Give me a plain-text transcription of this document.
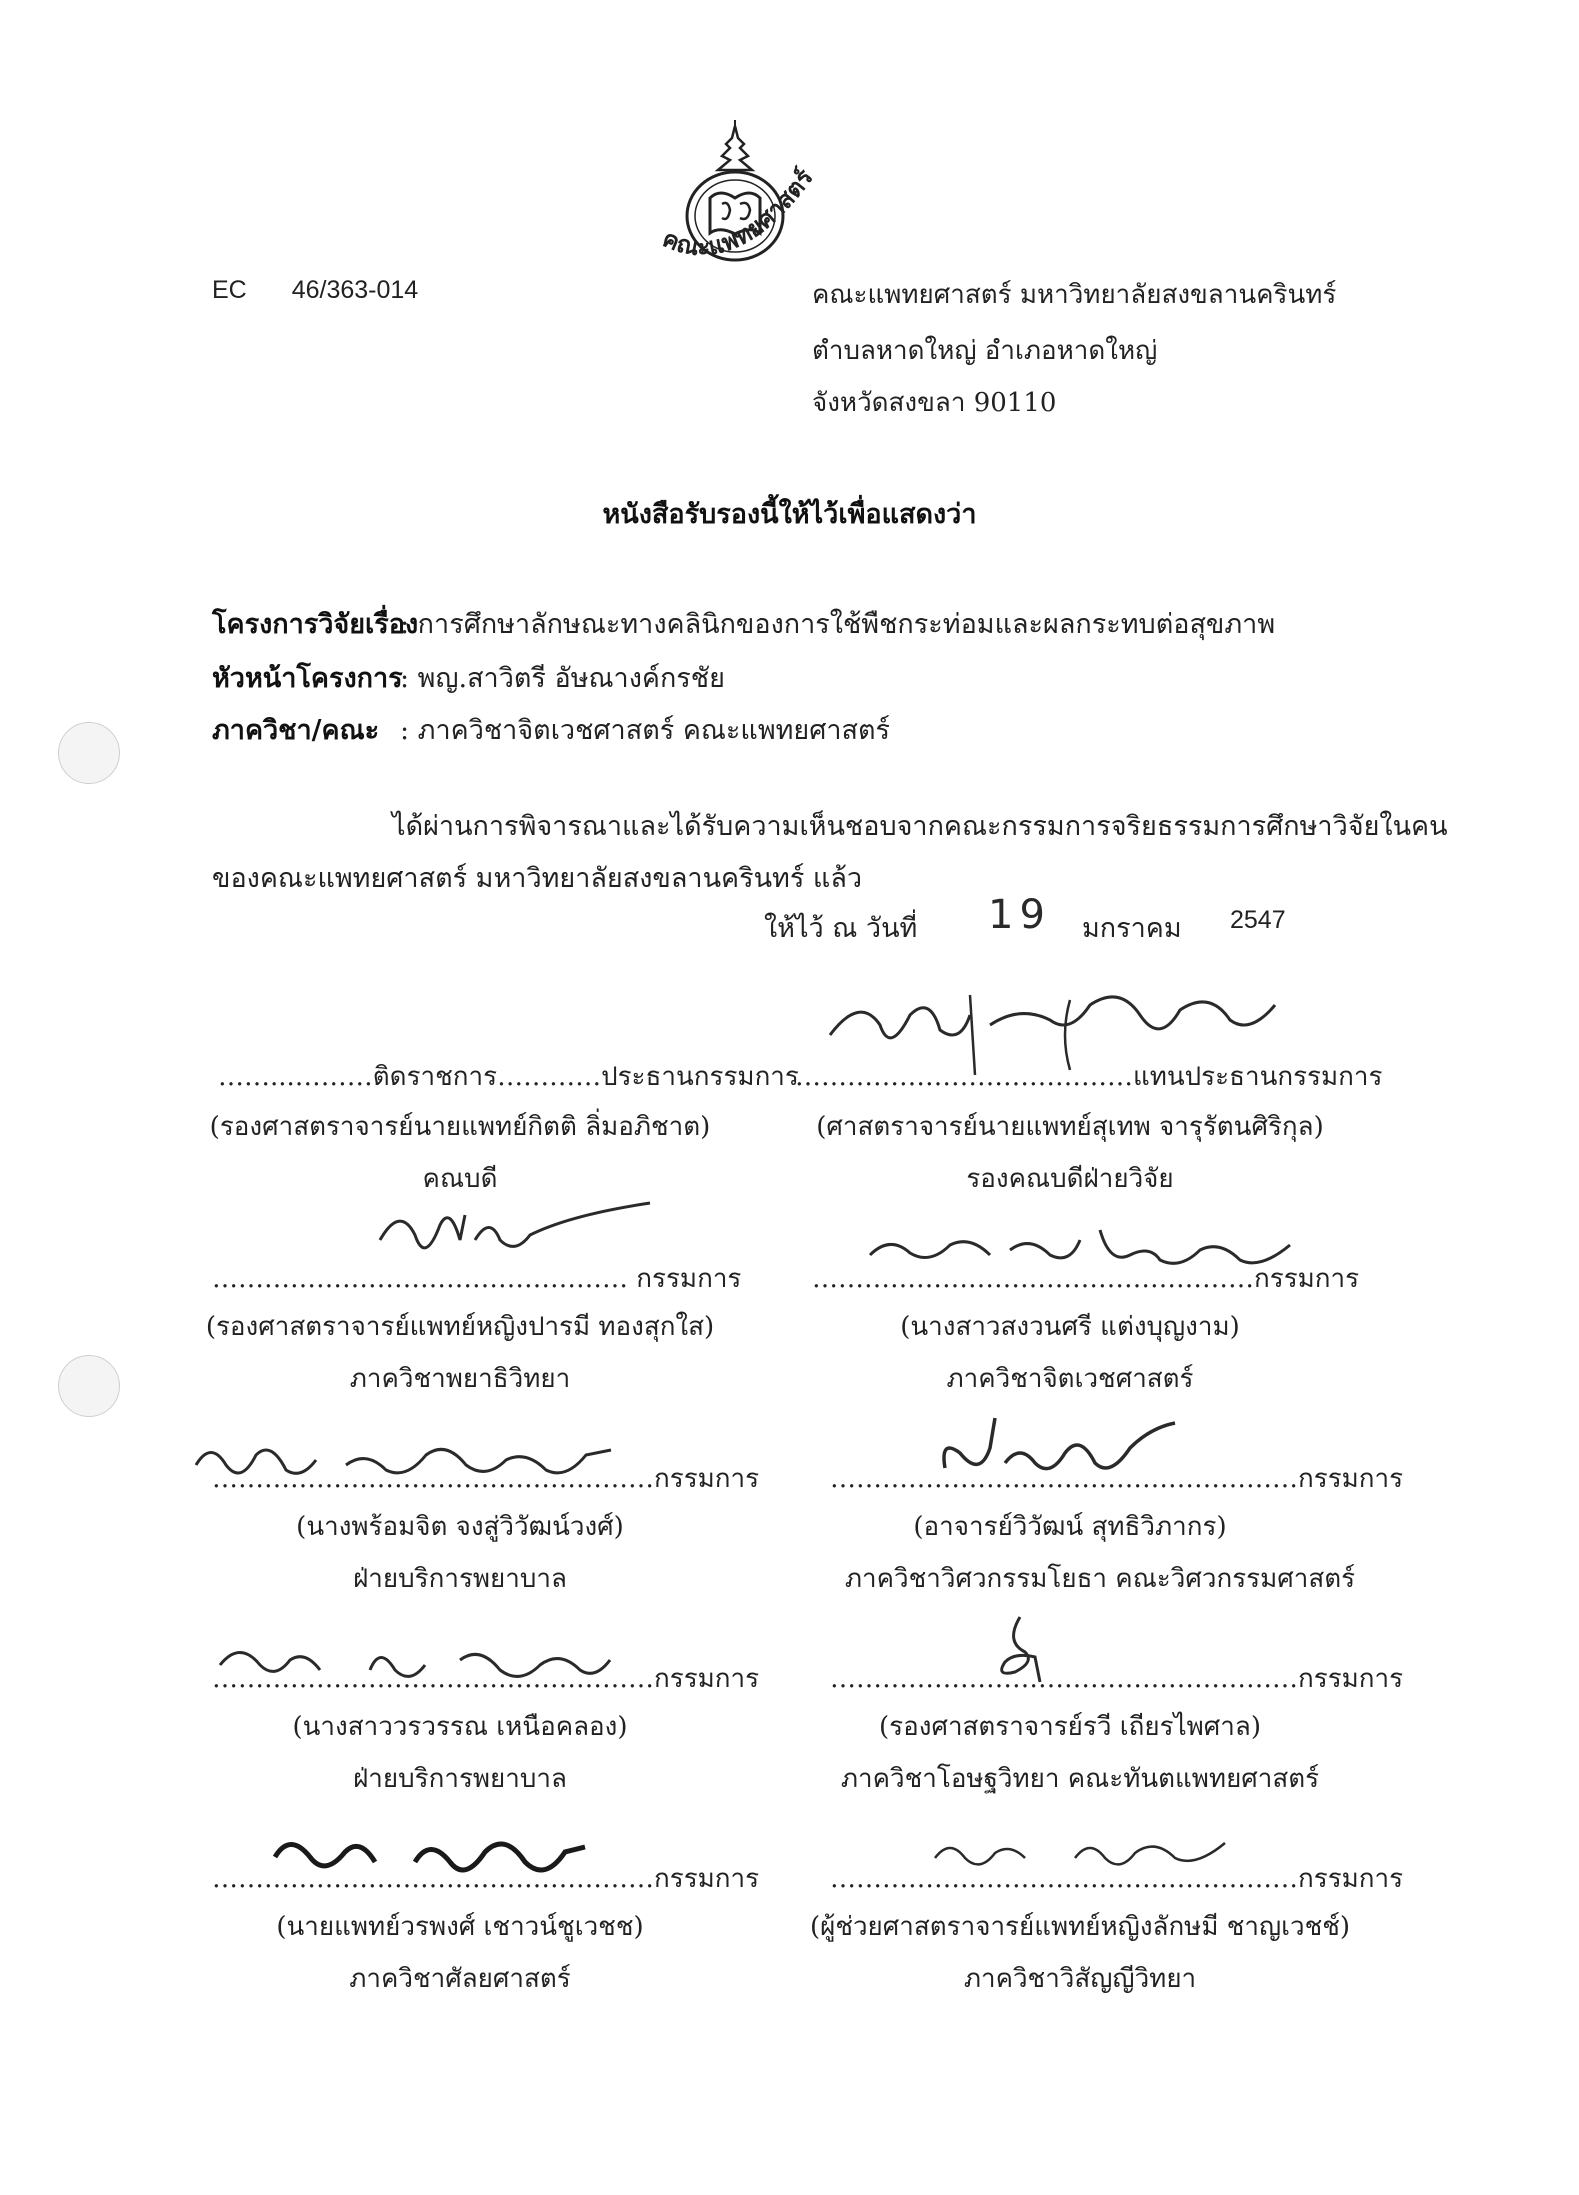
คณะแพทยศาสตร์
EC 46/363-014	คณะแพทยศาสตร์ มหาวิทยาลัยสงขลานครินทร์
ตำบลหาดใหญ่ อำเภอหาดใหญ่
จังหวัดสงขลา 90110
หนังสือรับรองนี้ให้ไว้เพื่อแสดงว่า
โครงการวิจัยเรื่อง
: การศึกษาลักษณะทางคลินิกของการใช้พืชกระท่อมและผลกระทบต่อสุขภาพ
หัวหน้าโครงการ
: พญ.สาวิตรี อัษณางค์กรชัย
ภาควิชา/คณะ : ภาควิชาจิตเวชศาสตร์ คณะแพทยศาสตร์
ได้ผ่านการพิจารณาและได้รับความเห็นชอบจากคณะกรรมการจริยธรรมการศึกษาวิจัยในคน
ของคณะแพทยศาสตร์ มหาวิทยาลัยสงขลานครินทร์ แล้ว
ให้ไว้ ณ วันที่ 19 มกราคม 2547
……...………ติดราชการ…………ประธานกรรมการ
(รองศาสตราจารย์นายแพทย์กิตติ ลิ่มอภิชาต)
คณบดี
…………………………………แทนประธานกรรมการ
(ศาสตราจารย์นายแพทย์สุเทพ จารุรัตนศิริกุล)
รองคณบดีฝ่ายวิจัย
………………………………………… กรรมการ
(รองศาสตราจารย์แพทย์หญิงปารมี ทองสุกใส)
ภาควิชาพยาธิวิทยา
……………………………………………กรรมการ
(นางสาวสงวนศรี แต่งบุญงาม)
ภาควิชาจิตเวชศาสตร์
……………………………………………กรรมการ
(นางพร้อมจิต จงสู่วิวัฒน์วงศ์)
ฝ่ายบริการพยาบาล
………………………………………………กรรมการ
(อาจารย์วิวัฒน์ สุทธิวิภากร)
ภาควิชาวิศวกรรมโยธา คณะวิศวกรรมศาสตร์
……………………………………………กรรมการ
(นางสาววรวรรณ เหนือคลอง)
ฝ่ายบริการพยาบาล
………………………………………………กรรมการ
(รองศาสตราจารย์รวี เถียรไพศาล)
ภาควิชาโอษฐวิทยา คณะทันตแพทยศาสตร์
……………………………………………กรรมการ
(นายแพทย์วรพงศ์ เชาวน์ชูเวชช)
ภาควิชาศัลยศาสตร์
………………………………………………กรรมการ
(ผู้ช่วยศาสตราจารย์แพทย์หญิงลักษมี ชาญเวชช์)
ภาควิชาวิสัญญีวิทยา
